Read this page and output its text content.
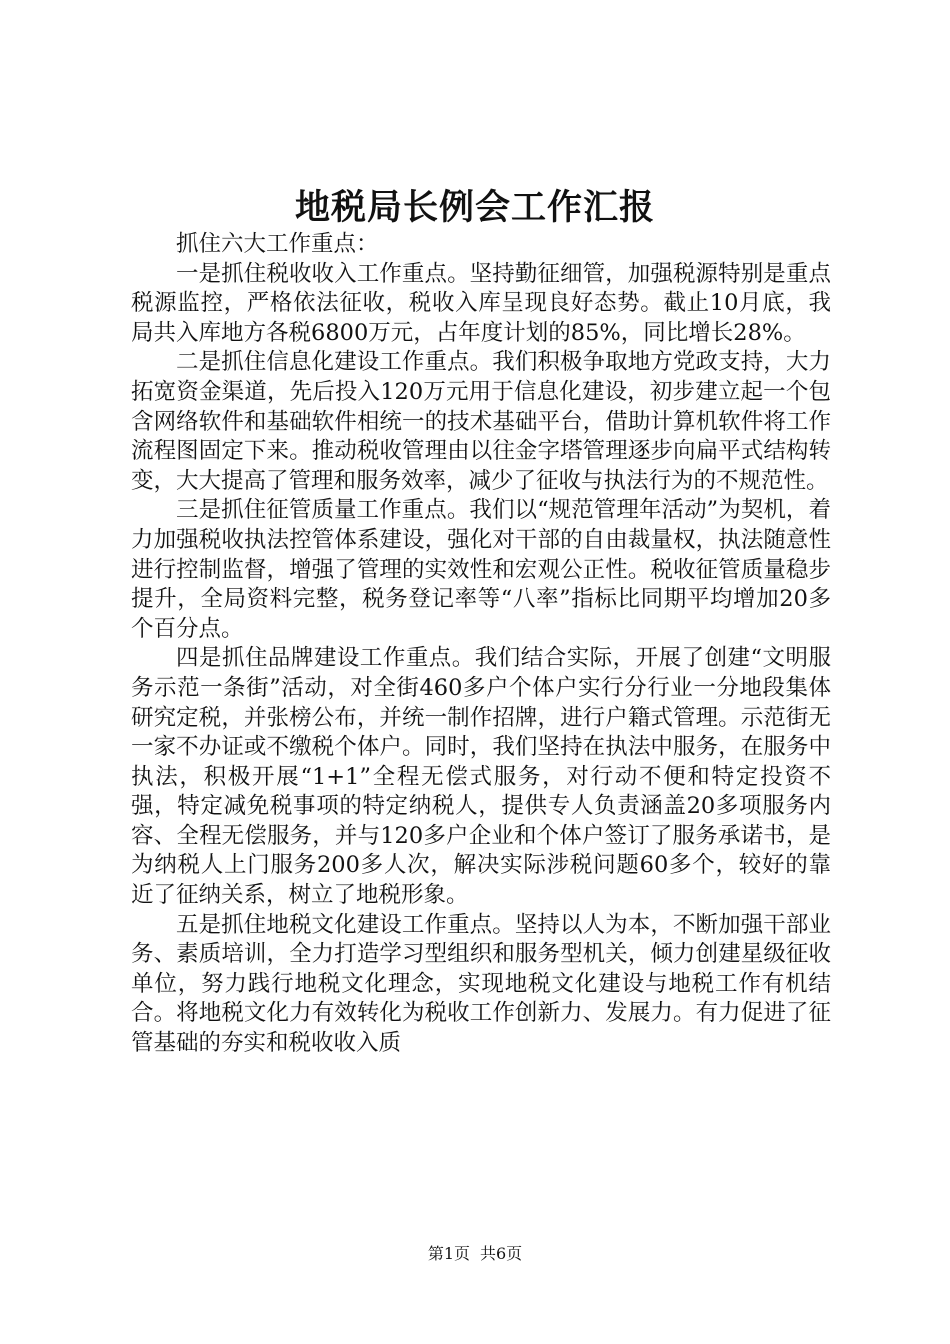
地税局长例会工作汇报

抓住六大工作重点：

一是抓住税收收入工作重点。坚持勤征细管，加强税源特别是重点税源监控，严格依法征收，税收入库呈现良好态势。截止10月底，我局共入库地方各税6800万元，占年度计划的85%，同比增长28%。

二是抓住信息化建设工作重点。我们积极争取地方党政支持，大力拓宽资金渠道，先后投入120万元用于信息化建设，初步建立起一个包含网络软件和基础软件相统一的技术基础平台，借助计算机软件将工作流程图固定下来。推动税收管理由以往金字塔管理逐步向扁平式结构转变，大大提高了管理和服务效率，减少了征收与执法行为的不规范性。

三是抓住征管质量工作重点。我们以“规范管理年活动”为契机，着力加强税收执法控管体系建设，强化对干部的自由裁量权，执法随意性进行控制监督，增强了管理的实效性和宏观公正性。税收征管质量稳步提升，全局资料完整，税务登记率等“八率”指标比同期平均增加20多个百分点。

四是抓住品牌建设工作重点。我们结合实际，开展了创建“文明服务示范一条街”活动，对全街460多户个体户实行分行业一分地段集体研究定税，并张榜公布，并统一制作招牌，进行户籍式管理。示范街无一家不办证或不缴税个体户。同时，我们坚持在执法中服务，在服务中执法，积极开展“1+1”全程无偿式服务，对行动不便和特定投资不强，特定减免税事项的特定纳税人，提供专人负责涵盖20多项服务内容、全程无偿服务，并与120多户企业和个体户签订了服务承诺书，是为纳税人上门服务200多人次，解决实际涉税问题60多个，较好的靠近了征纳关系，树立了地税形象。

五是抓住地税文化建设工作重点。坚持以人为本，不断加强干部业务、素质培训，全力打造学习型组织和服务型机关，倾力创建星级征收单位，努力践行地税文化理念，实现地税文化建设与地税工作有机结合。将地税文化力有效转化为税收工作创新力、发展力。有力促进了征管基础的夯实和税收收入质

第1页 共6页
